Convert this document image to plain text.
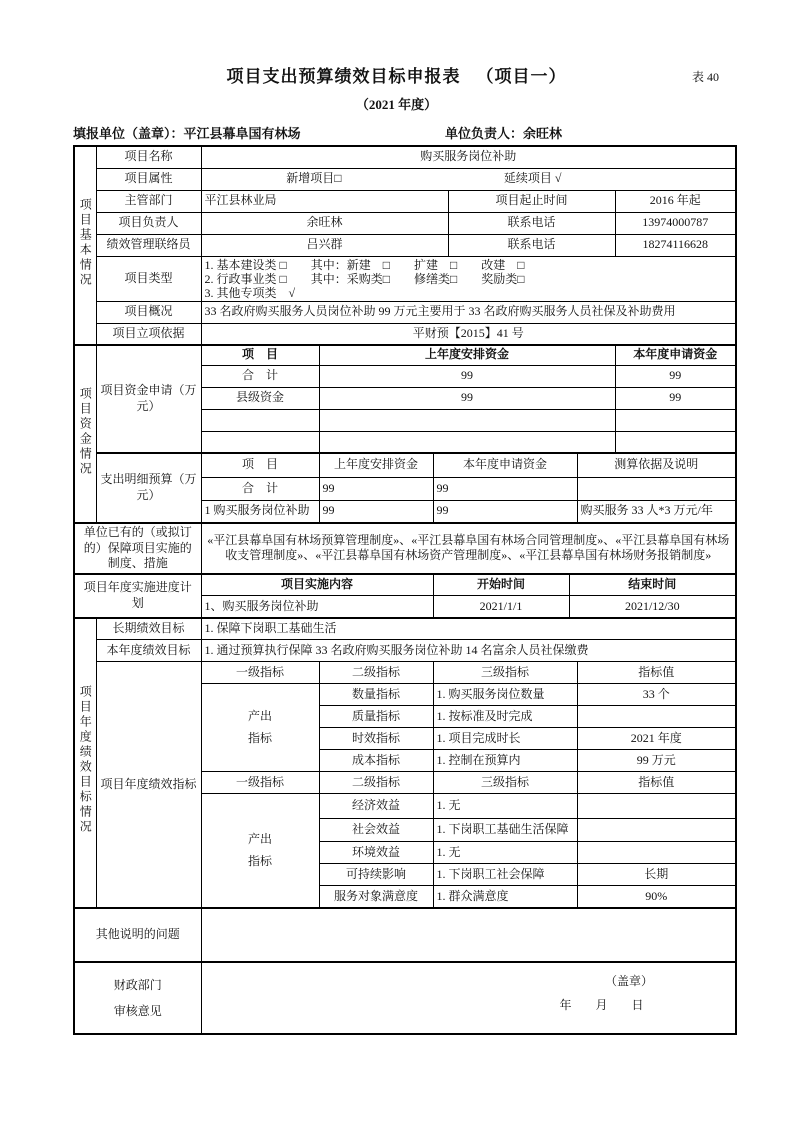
项目支出预算绩效目标申报表 （项目一）	表 40
（2021 年度）
填报单位（盖章）：平江县幕阜国有林场	单位负责人：余旺林
项目基本情况	项目名称	购买服务岗位补助						
	项目属性	新增项目□ 延续项目 √						

	主管部门	平江县林业局			项目起止时间			2016 年起
	项目负责人	余旺林			联系电话			13974000787
	绩效管理联络员	吕兴群			联系电话			18274116628
	项目类型	1. 基本建设类 □　　其中：新建　□　　扩建　□　　改建　□
2. 行政事业类 □　　其中：采购类□　　修缮类□　　奖励类□
3. 其他专项类　√						

	项目概况	33 名政府购买服务人员岗位补助 99 万元主要用于 33 名政府购买服务人员社保及补助费用						
	项目立项依据	平财预【2015】41 号						
项目资金情况	项目资金申请（万元）	项　目	上年度安排资金					本年度申请资金
		合　计	99					99
		县级资金	99					99

	支出明细预算（万元）	项　目	上年度安排资金	本年度申请资金			测算依据及说明	
		合　计	99	99				
		1 购买服务岗位补助	99	99			购买服务 33 人*3 万元/年	
单位已有的（或拟订的）保障项目实施的制度、措施		«平江县幕阜国有林场预算管理制度»、«平江县幕阜国有林场合同管理制度»、«平江县幕阜国有林场收支管理制度»、«平江县幕阜国有林场资产管理制度»、«平江县幕阜国有林场财务报销制度»						
项目年度实施进度计划		项目实施内容		开始时间		结束时间		
		1、购买服务岗位补助		2021/1/1		2021/12/30		
项目年度绩效目标情况	长期绩效目标	1. 保障下岗职工基础生活						
	本年度绩效目标	1. 通过预算执行保障 33 名政府购买服务岗位补助 14 名富余人员社保缴费						
	项目年度绩效指标	一级指标	二级指标	三级指标			指标值	
		产出指标	数量指标	1. 购买服务岗位数量			33 个	
			质量指标	1. 按标准及时完成				
			时效指标	1. 项目完成时长			2021 年度	
			成本指标	1. 控制在预算内			99 万元	
		一级指标	二级指标	三级指标			指标值	
		产出指标	经济效益	1. 无				
			社会效益	1. 下岗职工基础生活保障				
			环境效益	1. 无				
			可持续影响	1. 下岗职工社会保障			长期	
			服务对象满意度	1. 群众满意度			90%	
其他说明的问题								

财政部门
审核意见

（盖章）
年　　月　　日
